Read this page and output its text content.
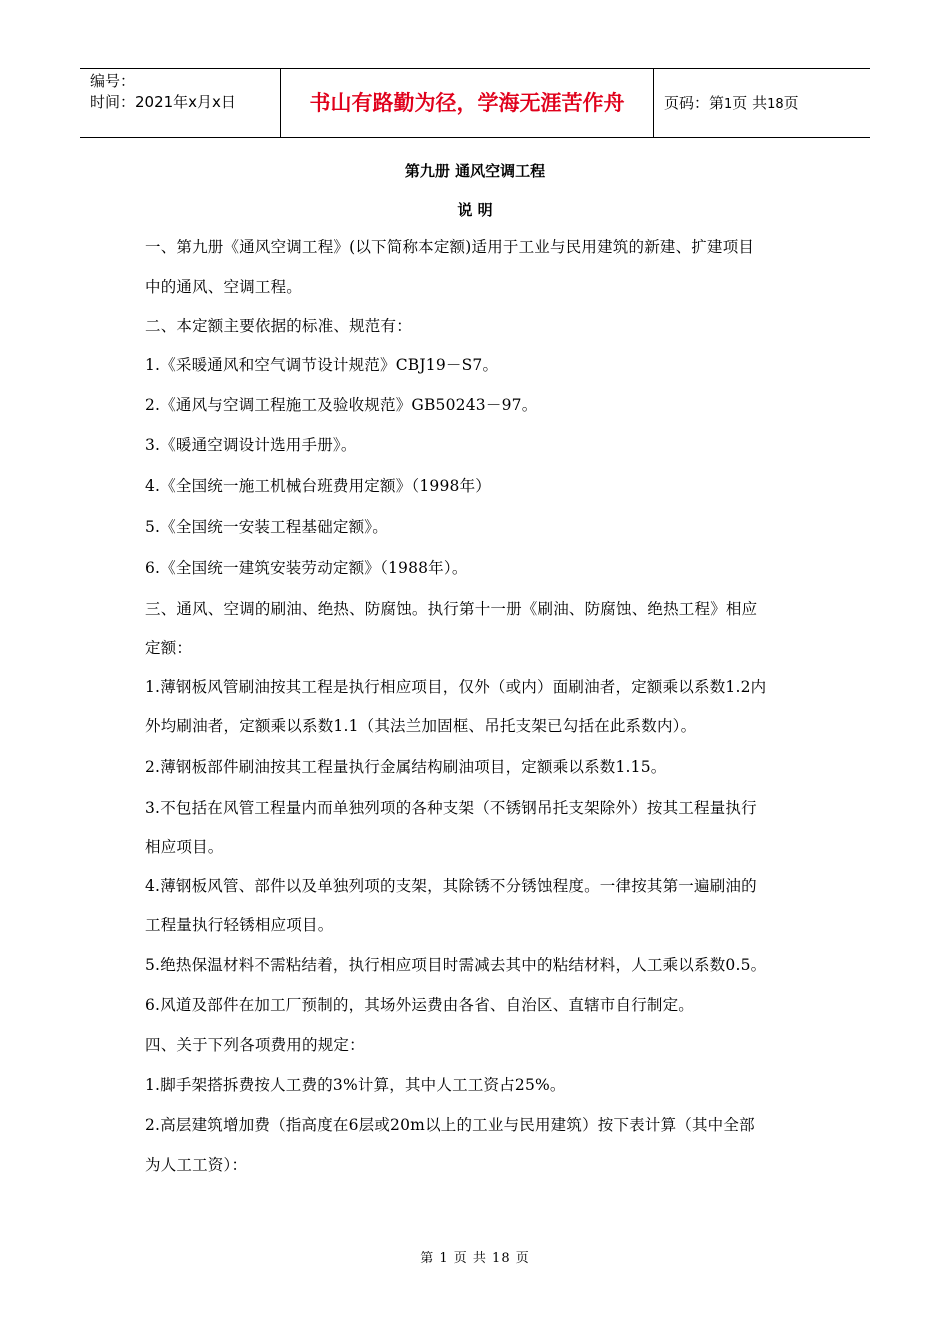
编号：
时间：2021年x月x日	书山有路勤为径，学海无涯苦作舟	页码：第1页 共18页
第九册 通风空调工程
说 明
一、第九册《通风空调工程》(以下简称本定额)适用于工业与民用建筑的新建、扩建项目
中的通风、空调工程。
二、本定额主要依据的标准、规范有：
1.《采暖通风和空气调节设计规范》CBJ19－S7。
2.《通风与空调工程施工及验收规范》GB50243－97。
3.《暖通空调设计选用手册》。
4.《全国统一施工机械台班费用定额》（1998年）
5.《全国统一安装工程基础定额》。
6.《全国统一建筑安装劳动定额》（1988年）。
三、通风、空调的刷油、绝热、防腐蚀。执行第十一册《刷油、防腐蚀、绝热工程》相应
定额：
1.薄钢板风管刷油按其工程是执行相应项目，仅外（或内）面刷油者，定额乘以系数1.2内
外均刷油者，定额乘以系数1.1（其法兰加固框、吊托支架已勾括在此系数内）。
2.薄钢板部件刷油按其工程量执行金属结构刷油项目，定额乘以系数1.15。
3.不包括在风管工程量内而单独列项的各种支架（不锈钢吊托支架除外）按其工程量执行
相应项目。
4.薄钢板风管、部件以及单独列项的支架，其除锈不分锈蚀程度。一律按其第一遍刷油的
工程量执行轻锈相应项目。
5.绝热保温材料不需粘结着，执行相应项目时需减去其中的粘结材料，人工乘以系数0.5。
6.风道及部件在加工厂预制的，其场外运费由各省、自治区、直辖市自行制定。
四、关于下列各项费用的规定：
1.脚手架搭拆费按人工费的3%计算，其中人工工资占25%。
2.高层建筑增加费（指高度在6层或20m以上的工业与民用建筑）按下表计算（其中全部
为人工工资）：
第 1 页 共 18 页
